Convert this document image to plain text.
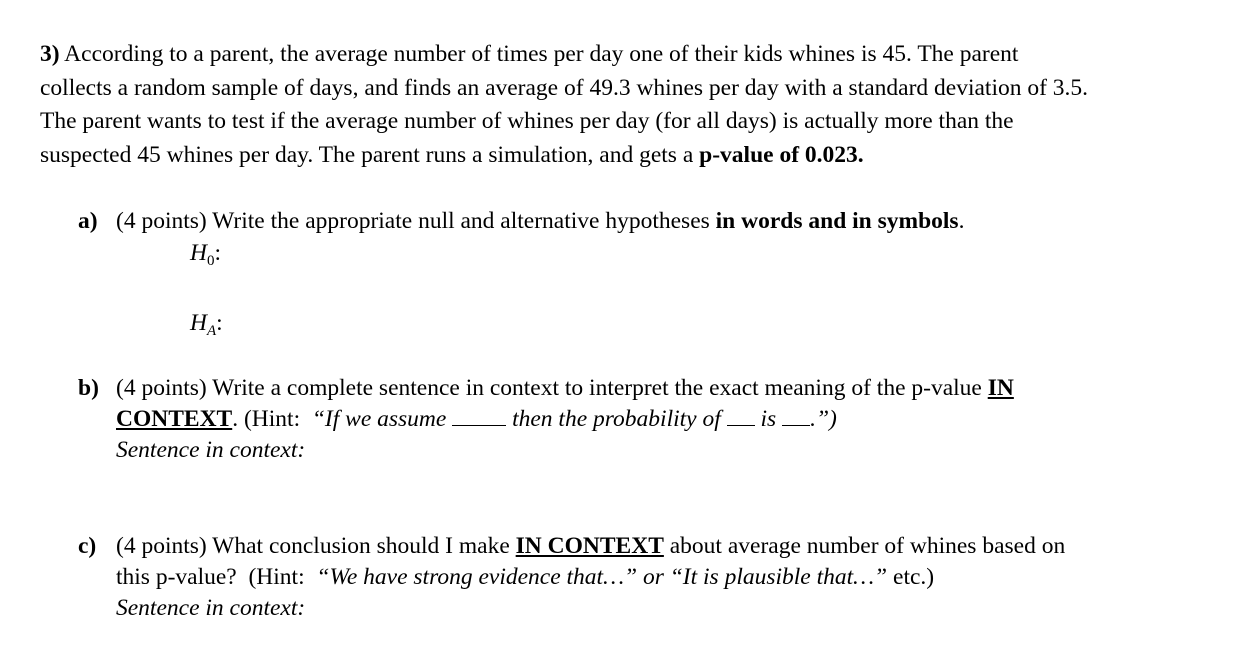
3) According to a parent, the average number of times per day one of their kids whines is 45. The parent
collects a random sample of days, and finds an average of 49.3 whines per day with a standard deviation of 3.5.
The parent wants to test if the average number of whines per day (for all days) is actually more than the
suspected 45 whines per day. The parent runs a simulation, and gets a p-value of 0.023.
a) (4 points) Write the appropriate null and alternative hypotheses in words and in symbols.
$H_0$:
$H_A$:
b) (4 points) Write a complete sentence in context to interpret the exact meaning of the p-value IN
CONTEXT. (Hint:  “If we assume  then the probability of  is .”)
Sentence in context:
c) (4 points) What conclusion should I make IN CONTEXT about average number of whines based on
this p-value?  (Hint:  “We have strong evidence that…” or “It is plausible that…” etc.)
Sentence in context:
